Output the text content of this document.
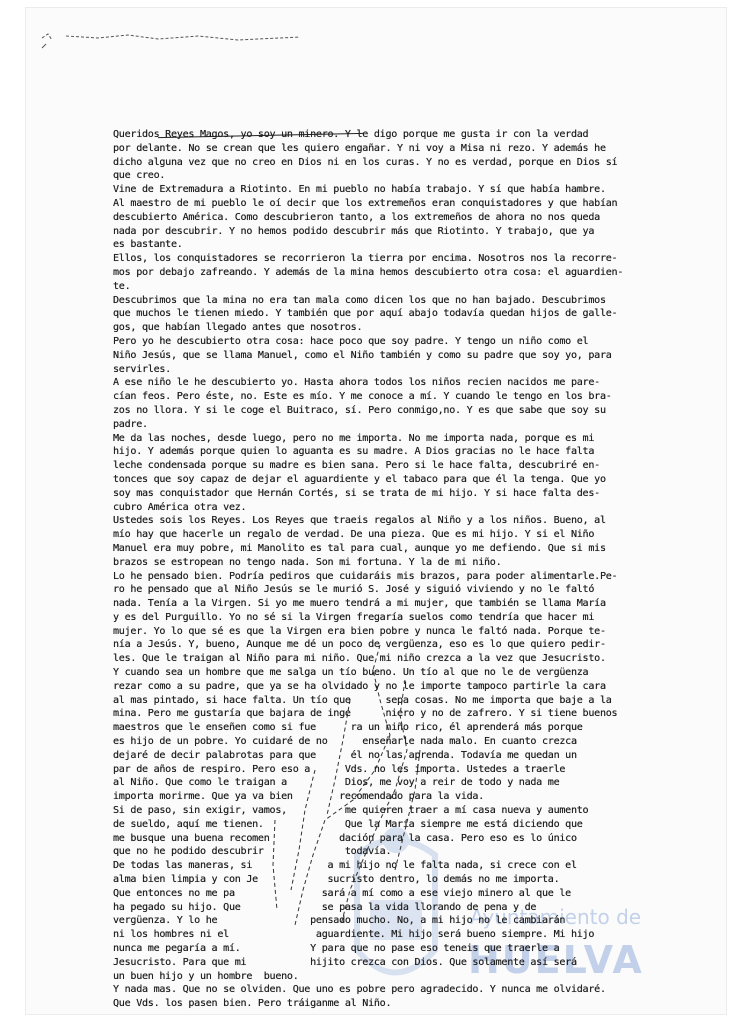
Ayuntamiento de
HUELVA
Queridos Reyes Magos, yo soy un minero. Y le digo porque me gusta ir con la verdad
por delante. No se crean que les quiero engañar. Y ni voy a Misa ni rezo. Y además he
dicho alguna vez que no creo en Dios ni en los curas. Y no es verdad, porque en Dios sí
que creo.
Vine de Extremadura a Riotinto. En mi pueblo no había trabajo. Y sí que había hambre.
Al maestro de mi pueblo le oí decir que los extremeños eran conquistadores y que habían
descubierto América. Como descubrieron tanto, a los extremeños de ahora no nos queda
nada por descubrir. Y no hemos podido descubrir más que Riotinto. Y trabajo, que ya
es bastante.
Ellos, los conquistadores se recorrieron la tierra por encima. Nosotros nos la recorre-
mos por debajo zafreando. Y además de la mina hemos descubierto otra cosa: el aguardien-
te.
Descubrimos que la mina no era tan mala como dicen los que no han bajado. Descubrimos
que muchos le tienen miedo. Y también que por aquí abajo todavía quedan hijos de galle-
gos, que habían llegado antes que nosotros.
Pero yo he descubierto otra cosa: hace poco que soy padre. Y tengo un niño como el
Niño Jesús, que se llama Manuel, como el Niño también y como su padre que soy yo, para
servirles.
A ese niño le he descubierto yo. Hasta ahora todos los niños recien nacidos me pare-
cían feos. Pero éste, no. Este es mío. Y me conoce a mí. Y cuando le tengo en los bra-
zos no llora. Y si le coge el Buitraco, sí. Pero conmigo,no. Y es que sabe que soy su
padre.
Me da las noches, desde luego, pero no me importa. No me importa nada, porque es mi
hijo. Y además porque quien lo aguanta es su madre. A Dios gracias no le hace falta
leche condensada porque su madre es bien sana. Pero si le hace falta, descubriré en-
tonces que soy capaz de dejar el aguardiente y el tabaco para que él la tenga. Que yo
soy mas conquistador que Hernán Cortés, si se trata de mi hijo. Y si hace falta des-
cubro América otra vez.
Ustedes sois los Reyes. Los Reyes que traeis regalos al Niño y a los niños. Bueno, al
mío hay que hacerle un regalo de verdad. De una pieza. Que es mi hijo. Y si el Niño
Manuel era muy pobre, mi Manolito es tal para cual, aunque yo me defiendo. Que si mis
brazos se estropean no tengo nada. Son mi fortuna. Y la de mi niño.
Lo he pensado bien. Podría pediros que cuidaráis mis brazos, para poder alimentarle.Pe-
ro he pensado que al Niño Jesús se le murió S. José y siguió viviendo y no le faltó
nada. Tenía a la Virgen. Si yo me muero tendrá a mi mujer, que también se llama María
y es del Purguillo. Yo no sé si la Virgen fregaría suelos como tendría que hacer mi
mujer. Yo lo que sé es que la Virgen era bien pobre y nunca le faltó nada. Porque te-
nía a Jesús. Y, bueno, Aunque me dé un poco de vergüenza, eso es lo que quiero pedir-
les. Que le traigan al Niño para mi niño. Que mi niño crezca a la vez que Jesucristo.
Y cuando sea un hombre que me salga un tío bueno. Un tío al que no le de vergüenza
rezar como a su padre, que ya se ha olvidado y no le importe tampoco partirle la cara
al mas pintado, si hace falta. Un tío que      sepa cosas. No me importa que baje a la
mina. Pero me gustaría que bajara de inge      niero y no de zafrero. Y si tiene buenos
maestros que le enseñen como si fue      ra un niño rico, él aprenderá más porque
es hijo de un pobre. Yo cuidaré de no      enseñarle nada malo. En cuanto crezca
dejaré de decir palabrotas para que      él no las aprenda. Todavía me quedan un
par de años de respiro. Pero eso a      Vds. no les importa. Ustedes a traerle
al Niño. Que como le traigan a          Dios, me voy a reir de todo y nada me
importa morirme. Que ya va bien        recomendado para la vida.
Si de paso, sin exigir, vamos,          me quieren traer a mí casa nueva y aumento
de sueldo, aquí me tienen.              Que la María siempre me está diciendo que
me busque una buena recomen            dación para la casa. Pero eso es lo único
que no he podido descubrir              todavía.
De todas las maneras, si             a mi hijo no le falta nada, si crece con el
alma bien limpia y con Je            sucristo dentro, lo demás no me importa.
Que entonces no me pa               sará a mí como a ese viejo minero al que le
ha pegado su hijo. Que              se pasa la vida llorando de pena y de
vergüenza. Y lo he                pensado mucho. No, a mi hijo no le cambiarán
ni los hombres ni el               aguardiente. Mi hijo será bueno siempre. Mi hijo
nunca me pegaría a mí.            Y para que no pase eso teneis que traerle a
Jesucristo. Para que mi           hijito crezca con Dios. Que solamente así será
un buen hijo y un hombre  bueno.
Y nada mas. Que no se olviden. Que uno es pobre pero agradecido. Y nunca me olvidaré.
Que Vds. los pasen bien. Pero tráiganme al Niño.
